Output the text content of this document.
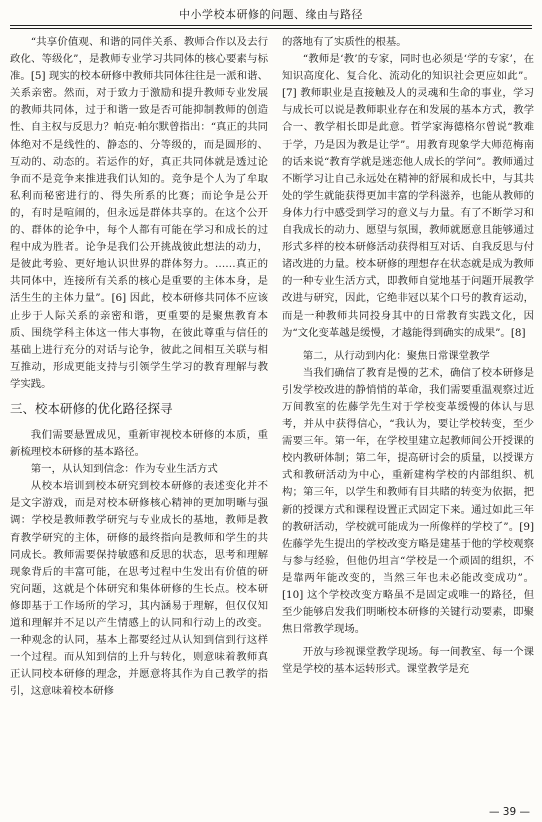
中小学校本研修的问题、缘由与路径

“共享价值观、和谐的同伴关系、教师合作以及去行政化、等级化”，是教师专业学习共同体的核心要素与标准。[5] 现实的校本研修中教师共同体往往是一派和谐、关系亲密。然而，对于致力于激励和提升教师专业发展的教师共同体，过于和谐一致是否可能抑制教师的创造性、自主权与反思力？帕克·帕尔默曾指出：“真正的共同体绝对不是线性的、静态的、分等级的，而是圆形的、互动的、动态的。若运作的好，真正共同体就是透过论争而不是竞争来推进我们认知的。竞争是个人为了牟取私利而秘密进行的、得失所系的比赛；而论争是公开的，有时是喧闹的，但永远是群体共享的。在这个公开的、群体的论争中，每个人都有可能在学习和成长的过程中成为胜者。论争是我们公开挑战彼此想法的动力，是彼此考验、更好地认识世界的群体努力。……真正的共同体中，连接所有关系的核心是重要的主体本身，是活生生的主体力量”。[6] 因此，校本研修共同体不应该止步于人际关系的亲密和谐，更重要的是聚焦教育本质、围绕学科主体这一伟大事物，在彼此尊重与信任的基础上进行充分的对话与论争，彼此之间相互关联与相互推动，形成更能支持与引领学生学习的教育理解与教学实践。

三、校本研修的优化路径探寻

我们需要悬置成见，重新审视校本研修的本质，重新梳理校本研修的基本路径。

第一，从认知到信念：作为专业生活方式

从校本培训到校本研究到校本研修的表述变化并不是文字游戏，而是对校本研修核心精神的更加明晰与强调：学校是教师教学研究与专业成长的基地，教师是教育教学研究的主体，研修的最终指向是教师和学生的共同成长。教师需要保持敏感和反思的状态，思考和理解现象背后的丰富可能，在思考过程中生发出有价值的研究问题，这就是个体研究和集体研修的生长点。校本研修即基于工作场所的学习，其内涵易于理解，但仅仅知道和理解并不足以产生情感上的认同和行动上的改变。一种观念的认同，基本上都要经过从认知到信到行这样一个过程。而从知到信的上升与转化，则意味着教师真正认同校本研修的理念，并愿意将其作为自己教学的指引，这意味着校本研修

的落地有了实质性的根基。

“教师是‘教’的专家，同时也必须是‘学的专家’，在知识高度化、复合化、流动化的知识社会更应如此”。[7] 教师职业是直接触及人的灵魂和生命的事业，学习与成长可以说是教师职业存在和发展的基本方式，教学合一、教学相长即是此意。哲学家海德格尔曾说“教难于学，乃是因为教是让学”。用教育现象学大师范梅南的话来说“教育学就是迷恋他人成长的学问”。教师通过不断学习让自己永远处在精神的舒展和成长中，与其共处的学生就能获得更加丰富的学科滋养，也能从教师的身体力行中感受到学习的意义与力量。有了不断学习和自我成长的动力、愿望与氛围，教师就愿意且能够通过形式多样的校本研修活动获得相互对话、自我反思与付诸改进的力量。校本研修的理想存在状态就是成为教师的一种专业生活方式，即教师自觉地基于问题开展教学改进与研究，因此，它绝非冠以某个口号的教育运动，而是一种教师共同投身其中的日常教育实践文化，因为“文化变革越是缓慢，才越能得到确实的成果”。[8]

第二，从行动到内化：聚焦日常课堂教学

当我们确信了教育是慢的艺术，确信了校本研修是引发学校改进的静悄悄的革命，我们需要重温观察过近万间教室的佐藤学先生对于学校变革缓慢的体认与思考，并从中获得信心，“我认为，要让学校转变，至少需要三年。第一年，在学校里建立起教师间公开授课的校内教研体制；第二年，提高研讨会的质量，以授课方式和教研活动为中心，重新建构学校的内部组织、机构；第三年，以学生和教师有目共睹的转变为依据，把新的授课方式和课程设置正式固定下来。通过如此三年的教研活动，学校就可能成为一所像样的学校了”。[9] 佐藤学先生提出的学校改变方略是建基于他的学校观察与参与经验，但他仍坦言“学校是一个顽固的组织，不是靠两年能改变的，当然三年也未必能改变成功”。[10] 这个学校改变方略虽不是固定或唯一的路径，但至少能够启发我们明晰校本研修的关键行动要素，即聚焦日常教学现场。

开放与珍视课堂教学现场。每一间教室、每一个课堂是学校的基本运转形式。课堂教学是充

— 39 —
